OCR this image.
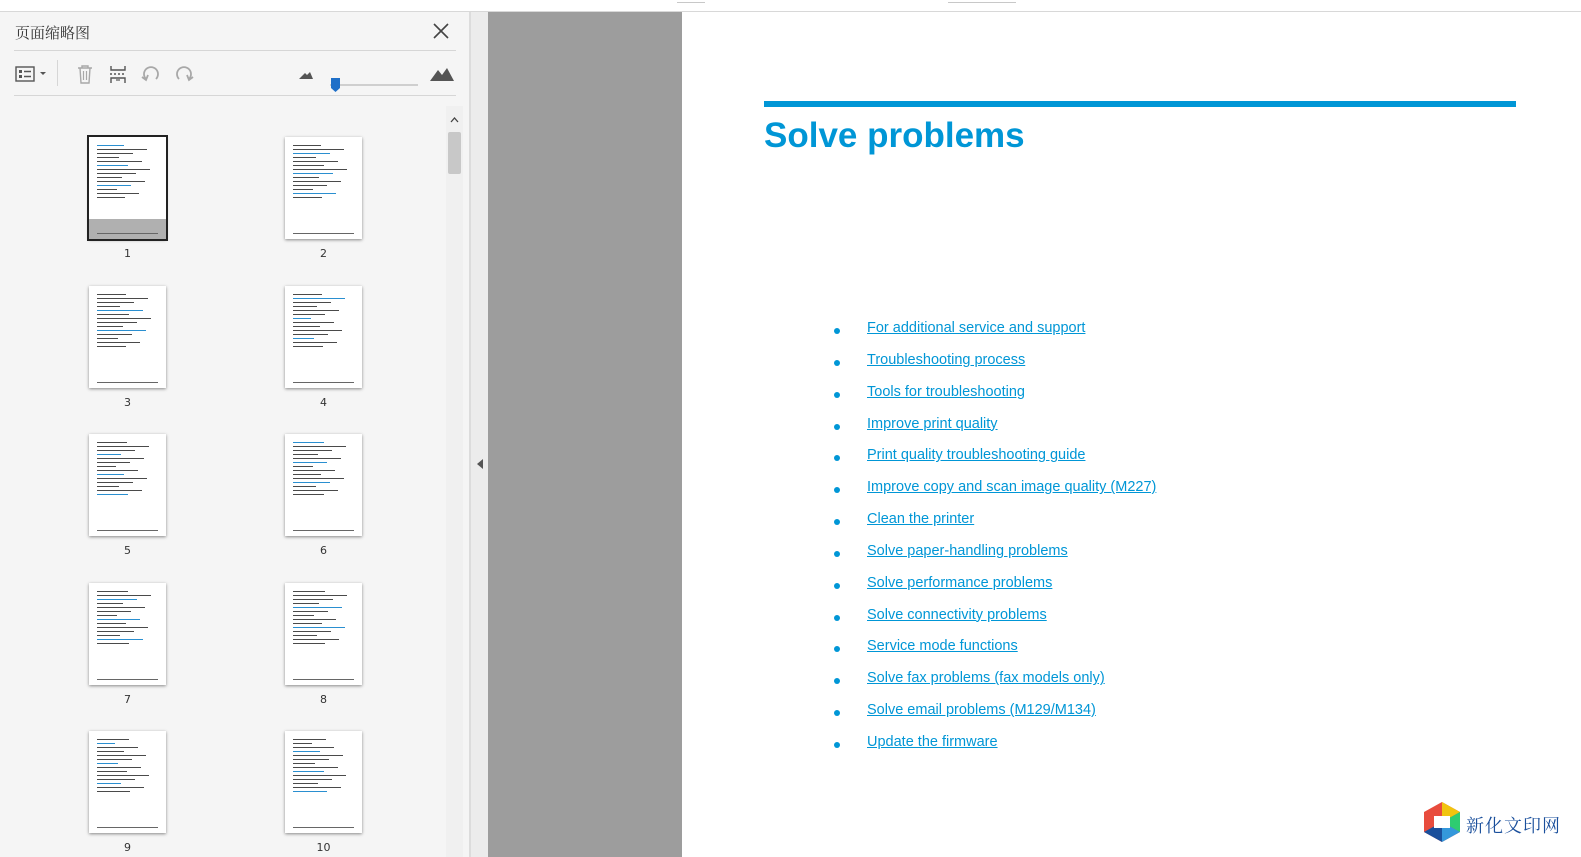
页面缩略图
1	2
3	4
5	6
7	8
9	10
Solve problems
For additional service and support
Troubleshooting process
Tools for troubleshooting
Improve print quality
Print quality troubleshooting guide
Improve copy and scan image quality (M227)
Clean the printer
Solve paper-handling problems
Solve performance problems
Solve connectivity problems
Service mode functions
Solve fax problems (fax models only)
Solve email problems (M129/M134)
Update the firmware
新化文印网
